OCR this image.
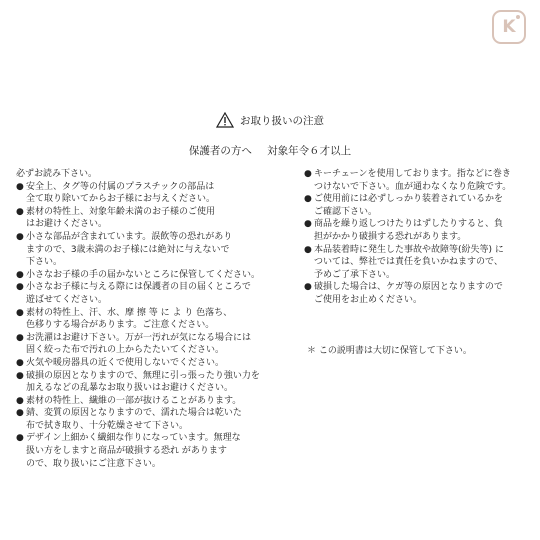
K
お取り扱いの注意
保護者の方へ 対象年令６才以上
必ずお読み下さい。
● 安全上、タグ等の付属のプラスチックの部品は
全て取り除いてからお子様にお与えください。
● 素材の特性上、対象年齢未満のお子様のご使用
はお避けください。
● 小さな部品が含まれています。誤飲等の恐れがあり
ますので、3歳未満のお子様には絶対に与えないで
下さい。
● 小さなお子様の手の届かないところに保管してください。
● 小さなお子様に与える際には保護者の目の届くところで
遊ばせてください。
● 素材の特性上、汗、水、摩 擦 等 に よ り 色落ち、
色移りする場合があります。ご注意ください。
● お洗濯はお避け下さい。万が一汚れが気になる場合には
固く絞った布で汚れの上からたたいてください。
● 火気や暖房器具の近くで使用しないでください。
● 破損の原因となりますので、無理に引っ張ったり強い力を
加えるなどの乱暴なお取り扱いはお避けください。
● 素材の特性上、繊維の一部が抜けることがあります。
● 錆、変質の原因となりますので、濡れた場合は乾いた
布で拭き取り、十分乾燥させて下さい。
● デザイン上細かく繊細な作りになっています。無理な
扱い方をしますと商品が破損する恐れ があります
ので、取り扱いにご注意下さい。
● キーチェーンを使用しております。指などに巻き
つけないで下さい。血が通わなくなり危険です。
● ご使用前には必ずしっかり装着されているかを
ご確認下さい。
● 商品を繰り返しつけたりはずしたりすると、負
担がかかり破損する恐れがあります。
● 本品装着時に発生した事故や故障等(紛失等) に
ついては、弊社では責任を負いかねますので、
予めご了承下さい。
● 破損した場合は、ケガ等の原因となりますので
ご使用をお止めください。
＊ この説明書は大切に保管して下さい。
